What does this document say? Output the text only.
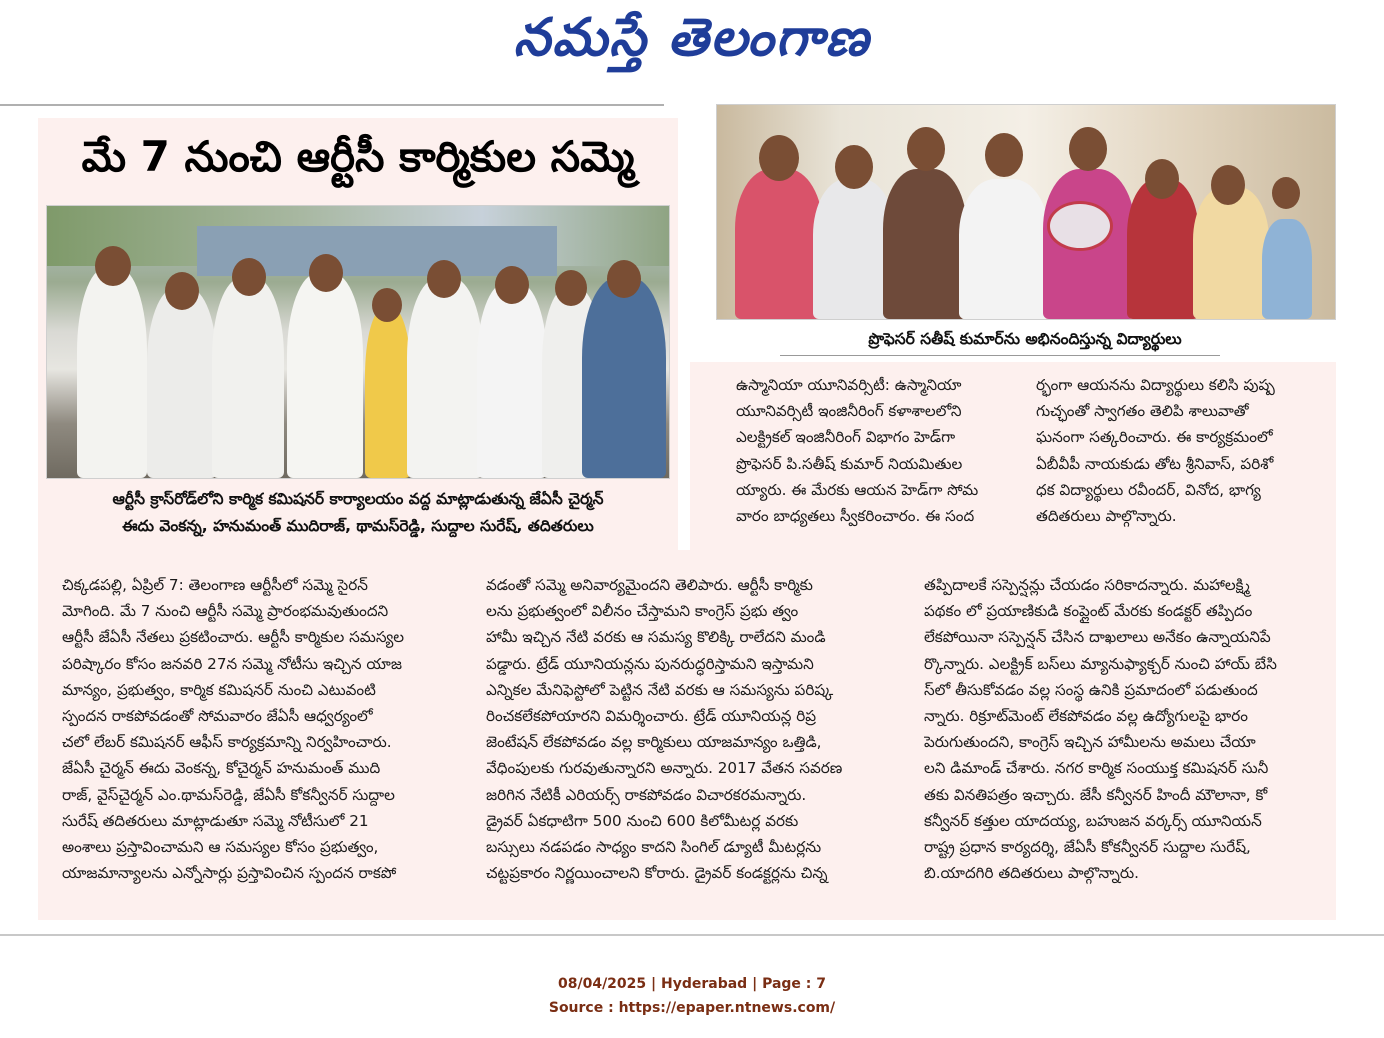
నమస్తే తెలంగాణ
మే 7 నుంచి ఆర్టీసీ కార్మికుల సమ్మె
ఆర్టీసీ క్రాస్‌రోడ్‌లోని కార్మిక కమిషనర్ కార్యాలయం వద్ద మాట్లాడుతున్న జేఏసీ చైర్మన్
ఈదు వెంకన్న, హనుమంత్ ముదిరాజ్, థామస్‌రెడ్డి, సుద్దాల సురేష్, తదితరులు
ప్రొఫెసర్ సతీష్ కుమార్‌ను అభినందిస్తున్న విద్యార్థులు
ఉస్మానియా యూనివర్సిటీ: ఉస్మానియా
యూనివర్సిటీ ఇంజినీరింగ్ కళాశాలలోని
ఎలక్ట్రికల్ ఇంజినీరింగ్ విభాగం హెడ్‌గా
ప్రొఫెసర్ పి.సతీష్ కుమార్ నియమితుల
య్యారు. ఈ మేరకు ఆయన హెడ్‌గా సోమ
వారం బాధ్యతలు స్వీకరించారం. ఈ సంద
ర్భంగా ఆయనను విద్యార్థులు కలిసి పుష్ప
గుచ్ఛంతో స్వాగతం తెలిపి శాలువాతో
ఘనంగా సత్కరించారు. ఈ కార్యక్రమంలో
ఏబీవీపీ నాయకుడు తోట శ్రీనివాస్, పరిశో
ధక విద్యార్థులు రవీందర్, వినోద, భాగ్య
తదితరులు పాల్గొన్నారు.
చిక్కడపల్లి, ఏప్రిల్ 7: తెలంగాణ ఆర్టీసీలో సమ్మె సైరన్
మోగింది. మే 7 నుంచి ఆర్టీసీ సమ్మె ప్రారంభమవుతుందని
ఆర్టీసీ జేఏసీ నేతలు ప్రకటించారు. ఆర్టీసీ కార్మికుల సమస్యల
పరిష్కారం కోసం జనవరి 27న సమ్మె నోటీసు ఇచ్చిన యాజ
మాన్యం, ప్రభుత్వం, కార్మిక కమిషనర్ నుంచి ఎటువంటి
స్పందన రాకపోవడంతో సోమవారం జేఏసీ ఆధ్వర్యంలో
చలో లేబర్ కమిషనర్ ఆఫీస్ కార్యక్రమాన్ని నిర్వహించారు.
జేఏసీ చైర్మన్ ఈదు వెంకన్న, కోచైర్మన్ హనుమంత్ ముది
రాజ్, వైస్‌చైర్మన్ ఎం.థామస్‌రెడ్డి, జేఏసీ కోకన్వీనర్ సుద్దాల
సురేష్ తదితరులు మాట్లాడుతూ సమ్మె నోటీసులో 21
అంశాలు ప్రస్తావించామని ఆ సమస్యల కోసం ప్రభుత్వం,
యాజమాన్యాలను ఎన్నోసార్లు ప్రస్తావించిన స్పందన రాకపో
వడంతో సమ్మె అనివార్యమైందని తెలిపారు. ఆర్టీసీ కార్మికు
లను ప్రభుత్వంలో విలీనం చేస్తామని కాంగ్రెస్ ప్రభు త్వం
హామీ ఇచ్చిన నేటి వరకు ఆ సమస్య కొలిక్కి రాలేదని మండి
పడ్డారు. ట్రేడ్ యూనియన్లను పునరుద్ధరిస్తామని ఇస్తామని
ఎన్నికల మేనిఫెస్టోలో పెట్టిన నేటి వరకు ఆ సమస్యను పరిష్క
రించకలేకపోయారని విమర్శించారు. ట్రేడ్ యూనియన్ల రిప్ర
జెంటేషన్ లేకపోవడం వల్ల కార్మికులు యాజమాన్యం ఒత్తిడి,
వేధింపులకు గురవుతున్నారని అన్నారు. 2017 వేతన సవరణ
జరిగిన నేటికీ ఎరియర్స్ రాకపోవడం విచారకరమన్నారు.
డ్రైవర్ ఏకధాటిగా 500 నుంచి 600 కిలోమీటర్ల వరకు
బస్సులు నడపడం సాధ్యం కాదని సింగిల్ డ్యూటీ మీటర్లను
చట్టప్రకారం నిర్ణయించాలని కోరారు. డ్రైవర్ కండక్టర్లను చిన్న
తప్పిదాలకే సస్పెన్షన్లు చేయడం సరికాదన్నారు. మహాలక్ష్మి
పథకం లో ప్రయాణికుడి కంప్లైంట్ మేరకు కండక్టర్ తప్పిదం
లేకపోయినా సస్పెన్షన్ చేసిన దాఖలాలు అనేకం ఉన్నాయనిపే
ర్కొన్నారు. ఎలక్ట్రిక్ బస్‌లు మ్యానుఫ్యాక్చర్ నుంచి హాయ్ బేసి
స్‌లో తీసుకోవడం వల్ల సంస్థ ఉనికి ప్రమాదంలో పడుతుంద
న్నారు. రిక్రూట్‌మెంట్ లేకపోవడం వల్ల ఉద్యోగులపై భారం
పెరుగుతుందని, కాంగ్రెస్ ఇచ్చిన హామీలను అమలు చేయా
లని డిమాండ్ చేశారు. నగర కార్మిక సంయుక్త కమిషనర్ సునీ
తకు వినతిపత్రం ఇచ్చారు. జేసీ కన్వీనర్ హిందీ మౌలానా, కో
కన్వీనర్ కత్తుల యాదయ్య, బహుజన వర్కర్స్ యూనియన్
రాష్ట్ర ప్రధాన కార్యదర్శి, జేఏసీ కోకన్వీనర్ సుద్దాల సురేష్,
బి.యాదగిరి తదితరులు పాల్గొన్నారు.
08/04/2025 | Hyderabad | Page : 7
Source : https://epaper.ntnews.com/
